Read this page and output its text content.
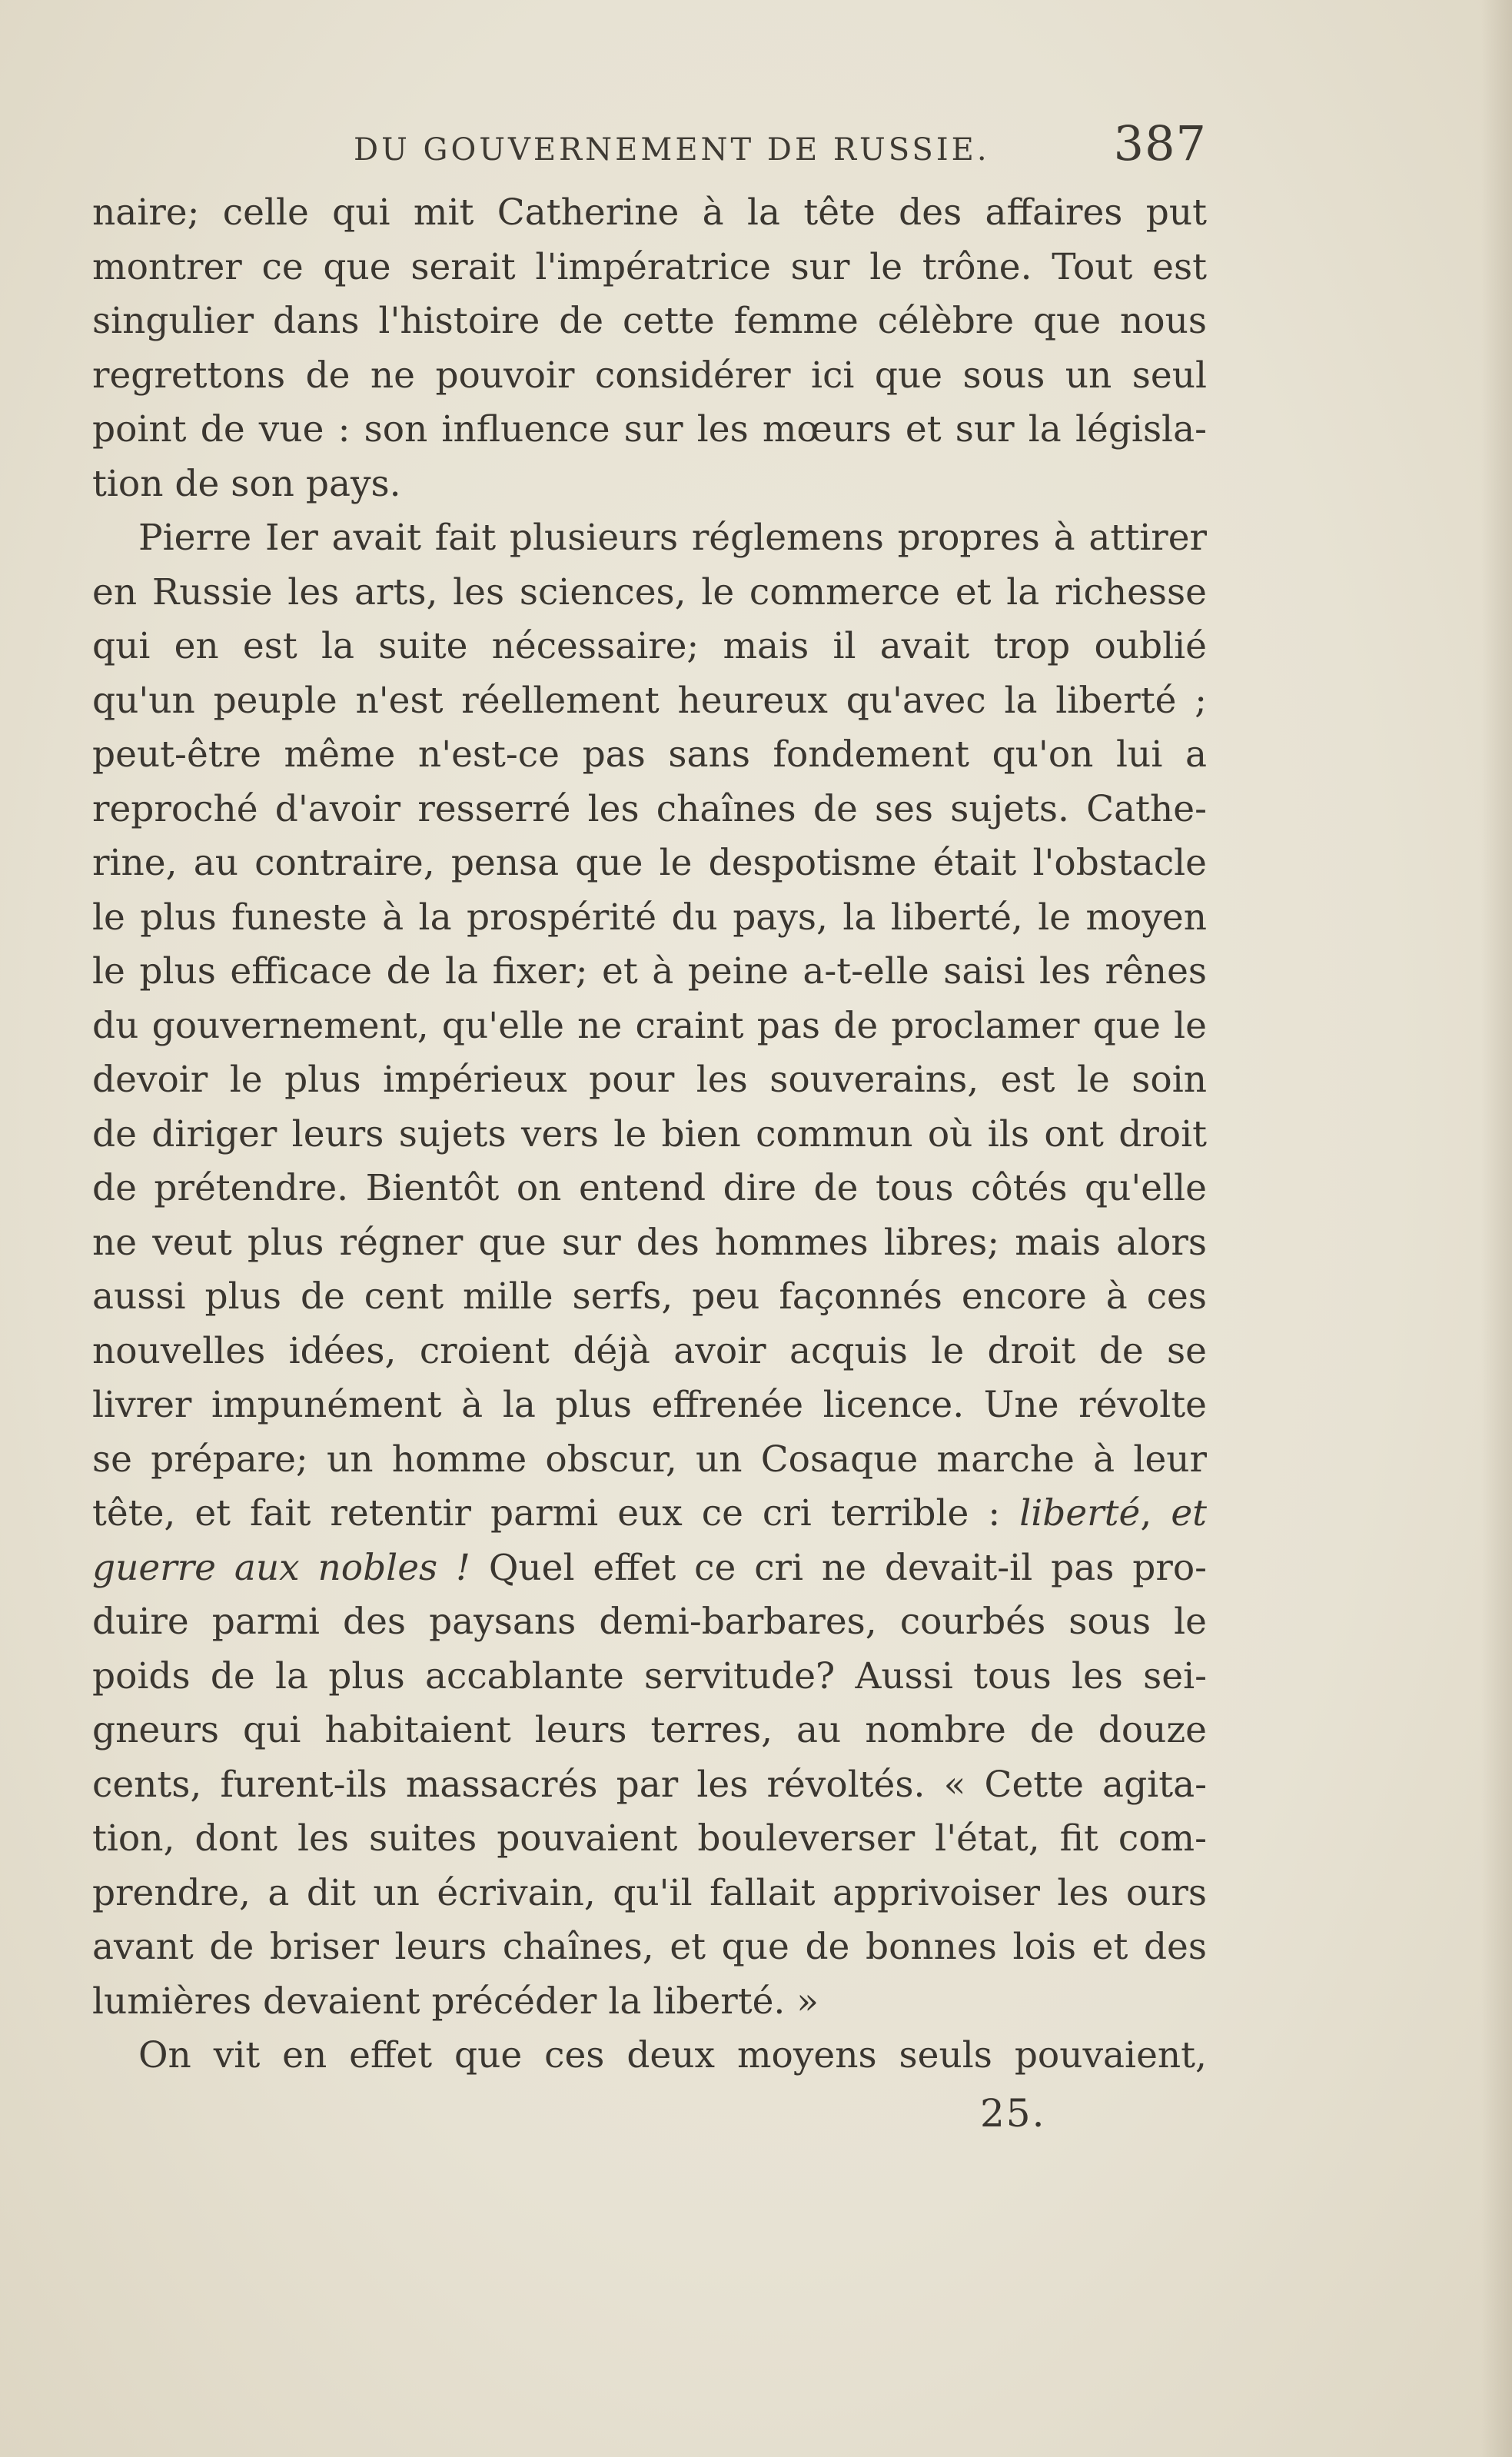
DU GOUVERNEMENT DE RUSSIE.	387
naire; celle qui mit Catherine à la tête des affaires put
montrer ce que serait l'impératrice sur le trône. Tout est
singulier dans l'histoire de cette femme célèbre que nous
regrettons de ne pouvoir considérer ici que sous un seul
point de vue : son influence sur les mœurs et sur la législa-
tion de son pays.
Pierre Ier avait fait plusieurs réglemens propres à attirer
en Russie les arts, les sciences, le commerce et la richesse
qui en est la suite nécessaire; mais il avait trop oublié
qu'un peuple n'est réellement heureux qu'avec la liberté ;
peut-être même n'est-ce pas sans fondement qu'on lui a
reproché d'avoir resserré les chaînes de ses sujets. Cathe-
rine, au contraire, pensa que le despotisme était l'obstacle
le plus funeste à la prospérité du pays, la liberté, le moyen
le plus efficace de la fixer; et à peine a-t-elle saisi les rênes
du gouvernement, qu'elle ne craint pas de proclamer que le
devoir le plus impérieux pour les souverains, est le soin
de diriger leurs sujets vers le bien commun où ils ont droit
de prétendre. Bientôt on entend dire de tous côtés qu'elle
ne veut plus régner que sur des hommes libres; mais alors
aussi plus de cent mille serfs, peu façonnés encore à ces
nouvelles idées, croient déjà avoir acquis le droit de se
livrer impunément à la plus effrenée licence. Une révolte
se prépare; un homme obscur, un Cosaque marche à leur
tête, et fait retentir parmi eux ce cri terrible : liberté, et
guerre aux nobles ! Quel effet ce cri ne devait-il pas pro-
duire parmi des paysans demi-barbares, courbés sous le
poids de la plus accablante servitude? Aussi tous les sei-
gneurs qui habitaient leurs terres, au nombre de douze
cents, furent-ils massacrés par les révoltés. « Cette agita-
tion, dont les suites pouvaient bouleverser l'état, fit com-
prendre, a dit un écrivain, qu'il fallait apprivoiser les ours
avant de briser leurs chaînes, et que de bonnes lois et des
lumières devaient précéder la liberté. »
On vit en effet que ces deux moyens seuls pouvaient,
25.
